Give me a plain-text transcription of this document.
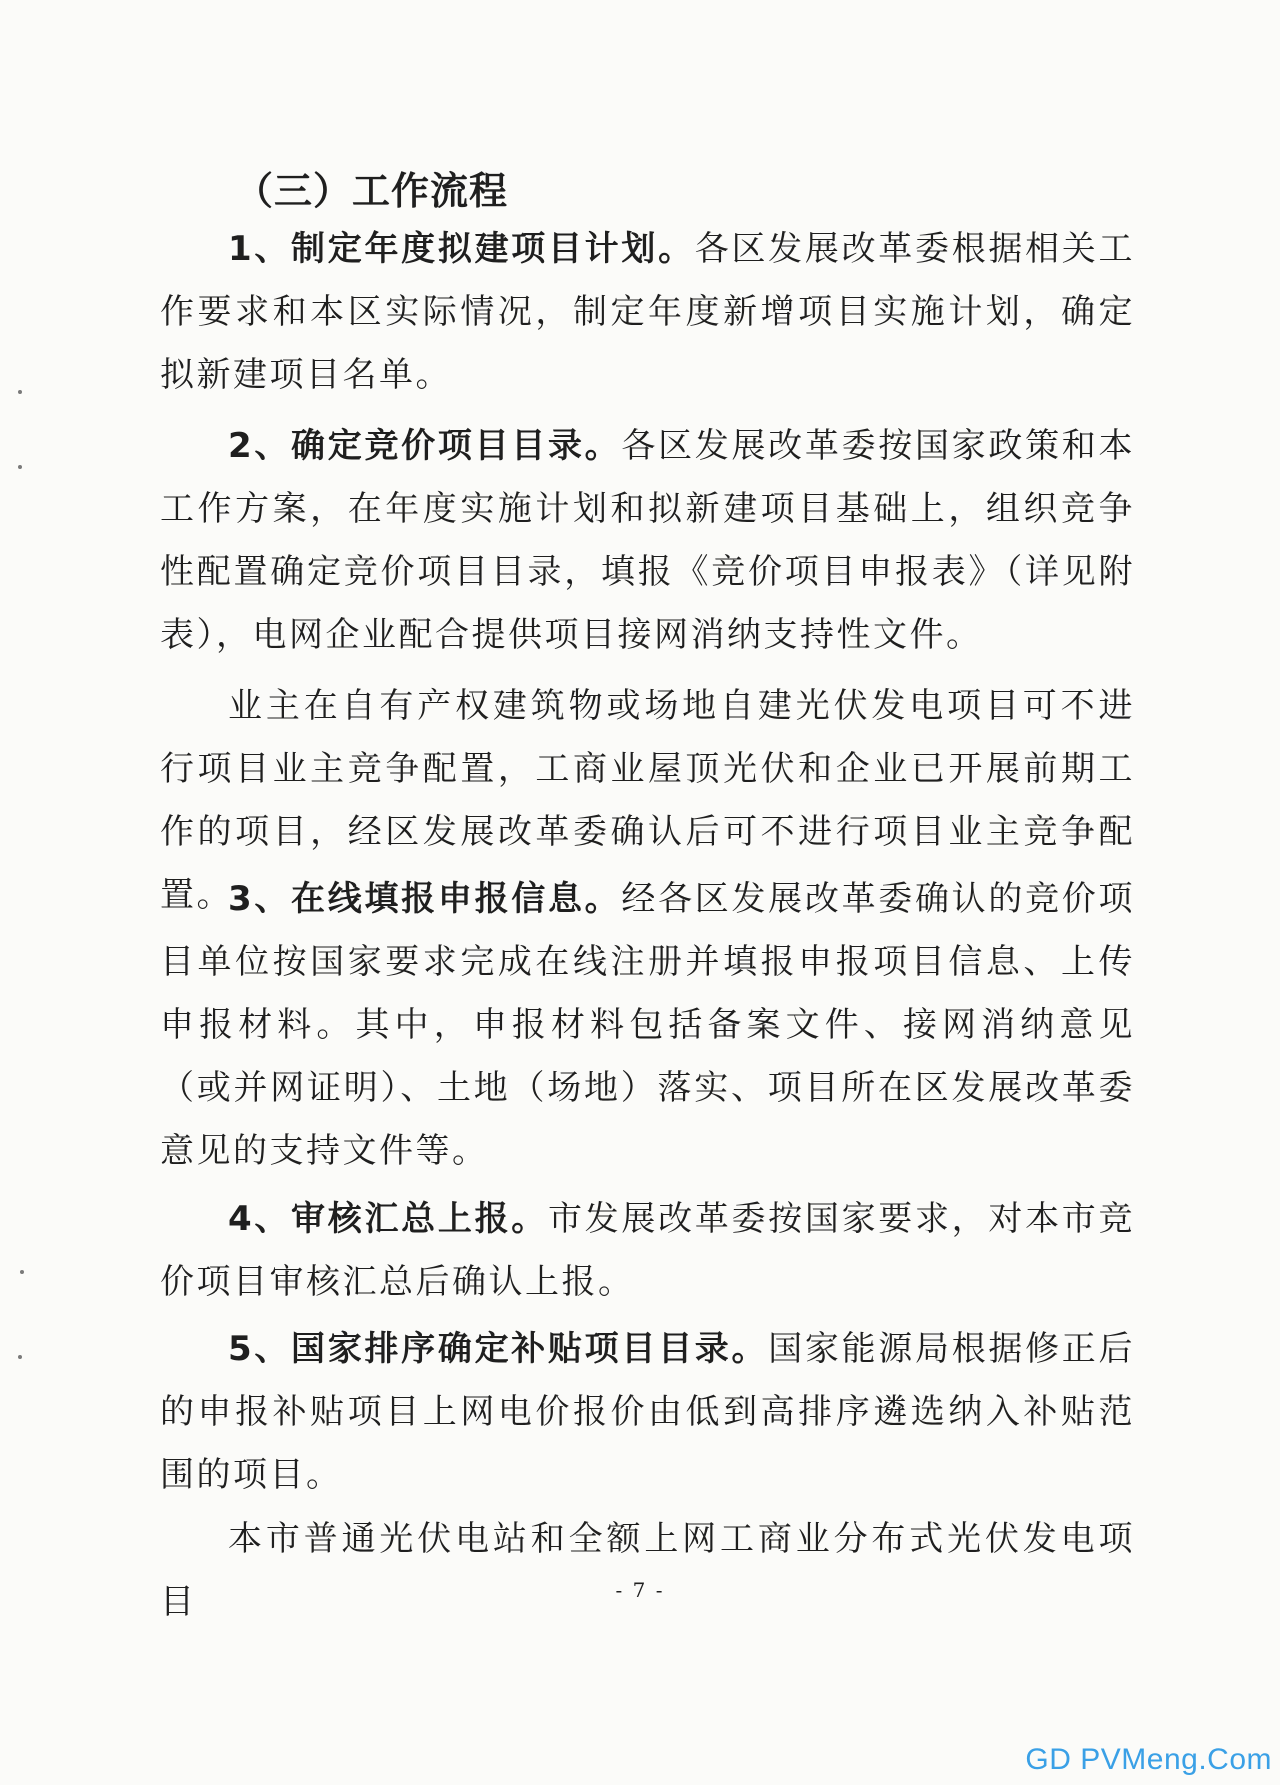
（三）工作流程
1、制定年度拟建项目计划。各区发展改革委根据相关工作要求和本区实际情况，制定年度新增项目实施计划，确定拟新建项目名单。
2、确定竞价项目目录。各区发展改革委按国家政策和本工作方案，在年度实施计划和拟新建项目基础上，组织竞争性配置确定竞价项目目录，填报《竞价项目申报表》（详见附表），电网企业配合提供项目接网消纳支持性文件。
业主在自有产权建筑物或场地自建光伏发电项目可不进行项目业主竞争配置，工商业屋顶光伏和企业已开展前期工作的项目，经区发展改革委确认后可不进行项目业主竞争配置。
3、在线填报申报信息。经各区发展改革委确认的竞价项目单位按国家要求完成在线注册并填报申报项目信息、上传申报材料。其中，申报材料包括备案文件、接网消纳意见（或并网证明）、土地（场地）落实、项目所在区发展改革委意见的支持文件等。
4、审核汇总上报。市发展改革委按国家要求，对本市竞价项目审核汇总后确认上报。
5、国家排序确定补贴项目目录。国家能源局根据修正后的申报补贴项目上网电价报价由低到高排序遴选纳入补贴范围的项目。
本市普通光伏电站和全额上网工商业分布式光伏发电项目	- 7 -
GD PVMeng.Com
